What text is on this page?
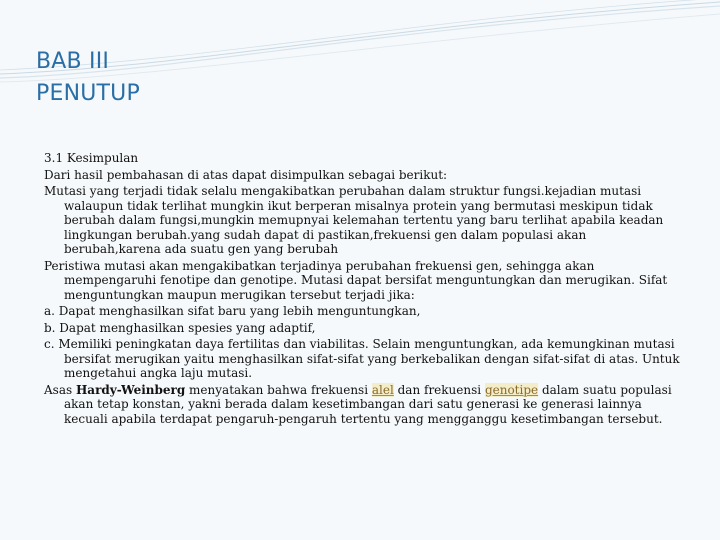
BAB III
PENUTUP
3.1 Kesimpulan
Dari hasil pembahasan di atas dapat disimpulkan sebagai berikut:
Mutasi yang terjadi tidak selalu mengakibatkan perubahan dalam struktur fungsi.kejadian mutasi walaupun tidak terlihat mungkin ikut berperan misalnya protein yang bermutasi meskipun tidak berubah dalam fungsi,mungkin memupnyai kelemahan tertentu yang baru terlihat apabila keadan lingkungan berubah.yang sudah dapat di pastikan,frekuensi gen dalam populasi akan berubah,karena ada suatu gen yang berubah
Peristiwa mutasi akan mengakibatkan terjadinya perubahan frekuensi gen, sehingga akan mempengaruhi fenotipe dan genotipe. Mutasi dapat bersifat menguntungkan dan merugikan. Sifat menguntungkan maupun merugikan tersebut terjadi jika:
a. Dapat menghasilkan sifat baru yang lebih menguntungkan,
b. Dapat menghasilkan spesies yang adaptif,
c. Memiliki peningkatan daya fertilitas dan viabilitas. Selain menguntungkan, ada kemungkinan mutasi bersifat merugikan yaitu menghasilkan sifat-sifat yang berkebalikan dengan sifat-sifat di atas. Untuk mengetahui angka laju mutasi.
Asas Hardy-Weinberg menyatakan bahwa frekuensi alel dan frekuensi genotipe dalam suatu populasi akan tetap konstan, yakni berada dalam kesetimbangan dari satu generasi ke generasi lainnya kecuali apabila terdapat pengaruh-pengaruh tertentu yang mengganggu kesetimbangan tersebut.
